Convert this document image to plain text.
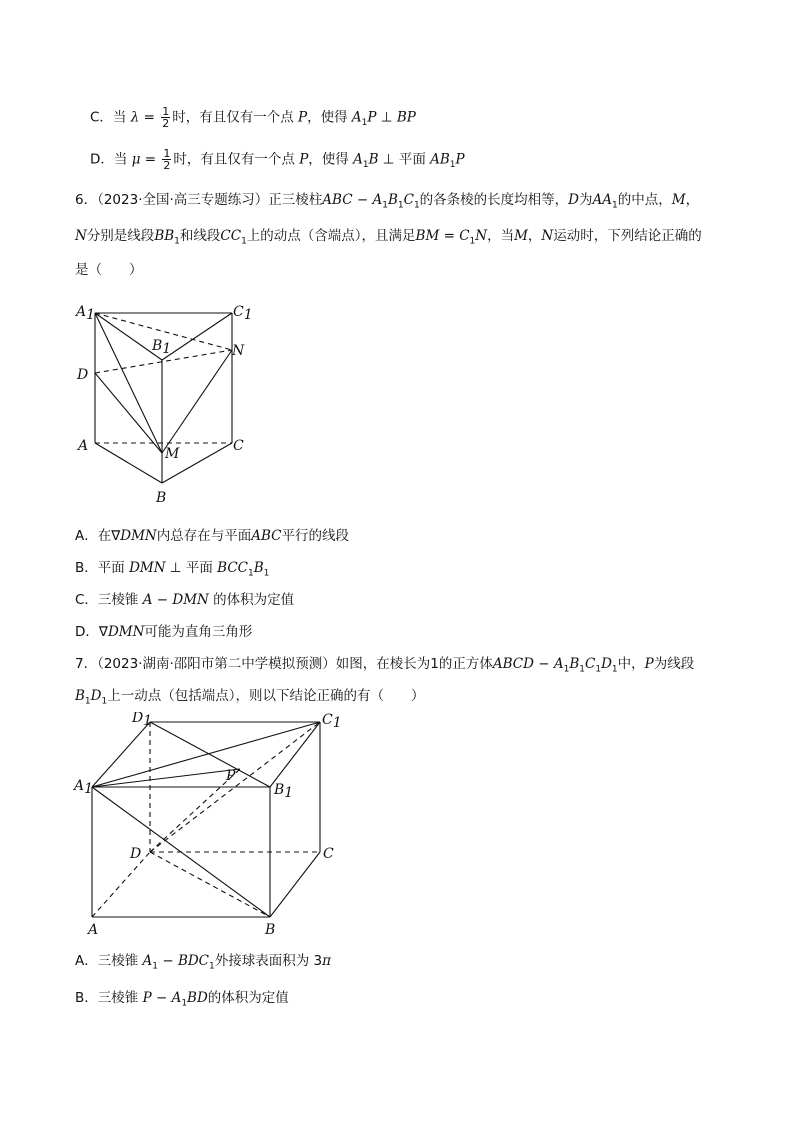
C．当 $\lambda = \frac{1}{2}$ 时，有且仅有一个点 P，使得 $A_1P$ ⊥ BP
D．当 $\mu = \frac{1}{2}$ 时，有且仅有一个点 P，使得 $A_1B$ ⊥ 平面 $AB_1P$
6．（2023·全国·高三专题练习）正三棱柱ABC − $A_1B_1C_1$的各条棱的长度均相等，D为$AA_1$的中点，M，
N分别是线段$BB_1$和线段$CC_1$上的动点（含端点），且满足BM = $C_1N$，当M，N运动时，下列结论正确的
是（　　）
A1	C1
B1	N
D
A	M	C
B
A．在∇DMN内总存在与平面ABC平行的线段
B．平面 DMN ⊥ 平面 $BCC_1B_1$
C．三棱锥 A − DMN 的体积为定值
D．∇DMN可能为直角三角形
7．（2023·湖南·邵阳市第二中学模拟预测）如图，在棱长为1的正方体ABCD − $A_1B_1C_1D_1$中，P为线段
$B_1D_1$上一动点（包括端点），则以下结论正确的有（　　）
D1	C1
P
A1	B1
D	C
A	B
A．三棱锥 $A_1 - BDC_1$外接球表面积为 3π
B．三棱锥 $P - A_1BD$的体积为定值
